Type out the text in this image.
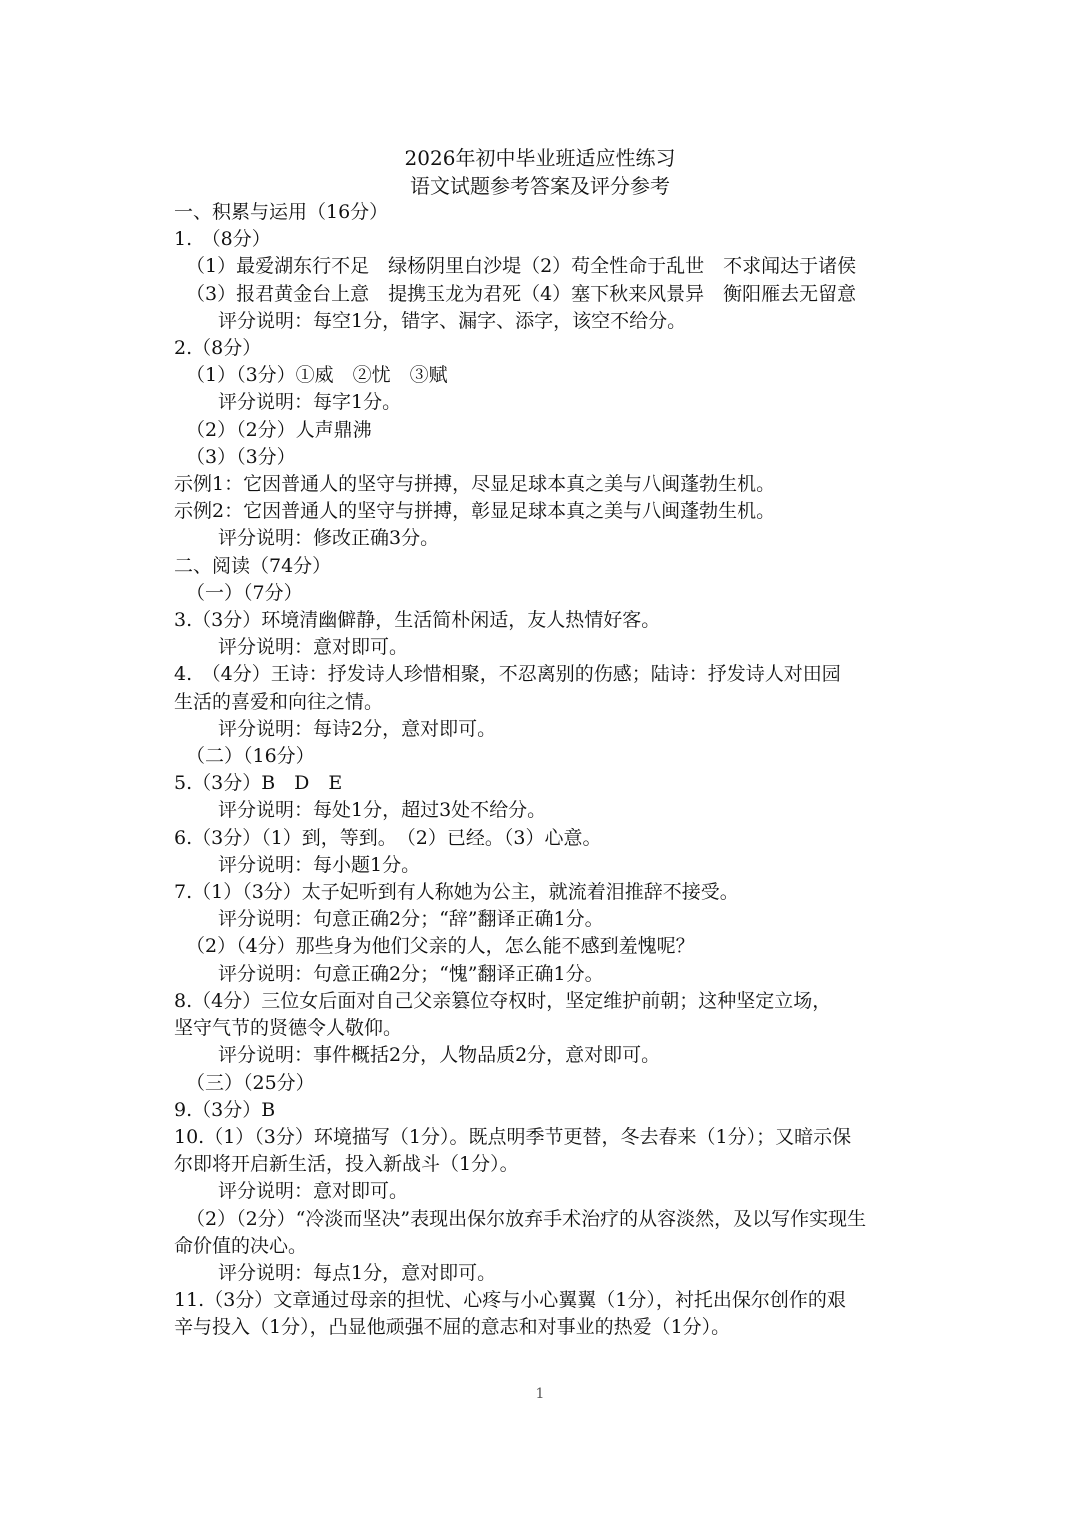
2026年初中毕业班适应性练习
语文试题参考答案及评分参考
一、积累与运用（16分）
1.　（8分）
（1）最爱湖东行不足　绿杨阴里白沙堤（2）苟全性命于乱世　不求闻达于诸侯
（3）报君黄金台上意　提携玉龙为君死（4）塞下秋来风景异　衡阳雁去无留意
评分说明：每空1分，错字、漏字、添字，该空不给分。
2.（8分）
（1）（3分）①威　②忧　③赋
评分说明：每字1分。
（2）（2分）人声鼎沸
（3）（3分）
示例1：它因普通人的坚守与拼搏，尽显足球本真之美与八闽蓬勃生机。
示例2：它因普通人的坚守与拼搏，彰显足球本真之美与八闽蓬勃生机。
评分说明：修改正确3分。
二、阅读（74分）
（一）（7分）
3.（3分）环境清幽僻静，生活简朴闲适，友人热情好客。
评分说明：意对即可。
4.　（4分）王诗：抒发诗人珍惜相聚，不忍离别的伤感；陆诗：抒发诗人对田园
生活的喜爱和向往之情。
评分说明：每诗2分，意对即可。
（二）（16分）
5.（3分）B　D　E
评分说明：每处1分，超过3处不给分。
6.（3分）（1）到，等到。　（2）已经。（3）心意。
评分说明：每小题1分。
7.（1）（3分）太子妃听到有人称她为公主，就流着泪推辞不接受。
评分说明：句意正确2分；“辞”翻译正确1分。
（2）（4分）那些身为他们父亲的人，怎么能不感到羞愧呢？
评分说明：句意正确2分；“愧”翻译正确1分。
8.（4分）三位女后面对自己父亲篡位夺权时，坚定维护前朝；这种坚定立场，
坚守气节的贤德令人敬仰。
评分说明：事件概括2分，人物品质2分，意对即可。
（三）（25分）
9.（3分）B
10.（1）（3分）环境描写（1分）。既点明季节更替，冬去春来（1分）；又暗示保
尔即将开启新生活，投入新战斗（1分）。
评分说明：意对即可。
（2）（2分）“冷淡而坚决”表现出保尔放弃手术治疗的从容淡然，及以写作实现生
命价值的决心。
评分说明：每点1分，意对即可。
11.（3分）文章通过母亲的担忧、心疼与小心翼翼（1分），衬托出保尔创作的艰
辛与投入（1分），凸显他顽强不屈的意志和对事业的热爱（1分）。
1
